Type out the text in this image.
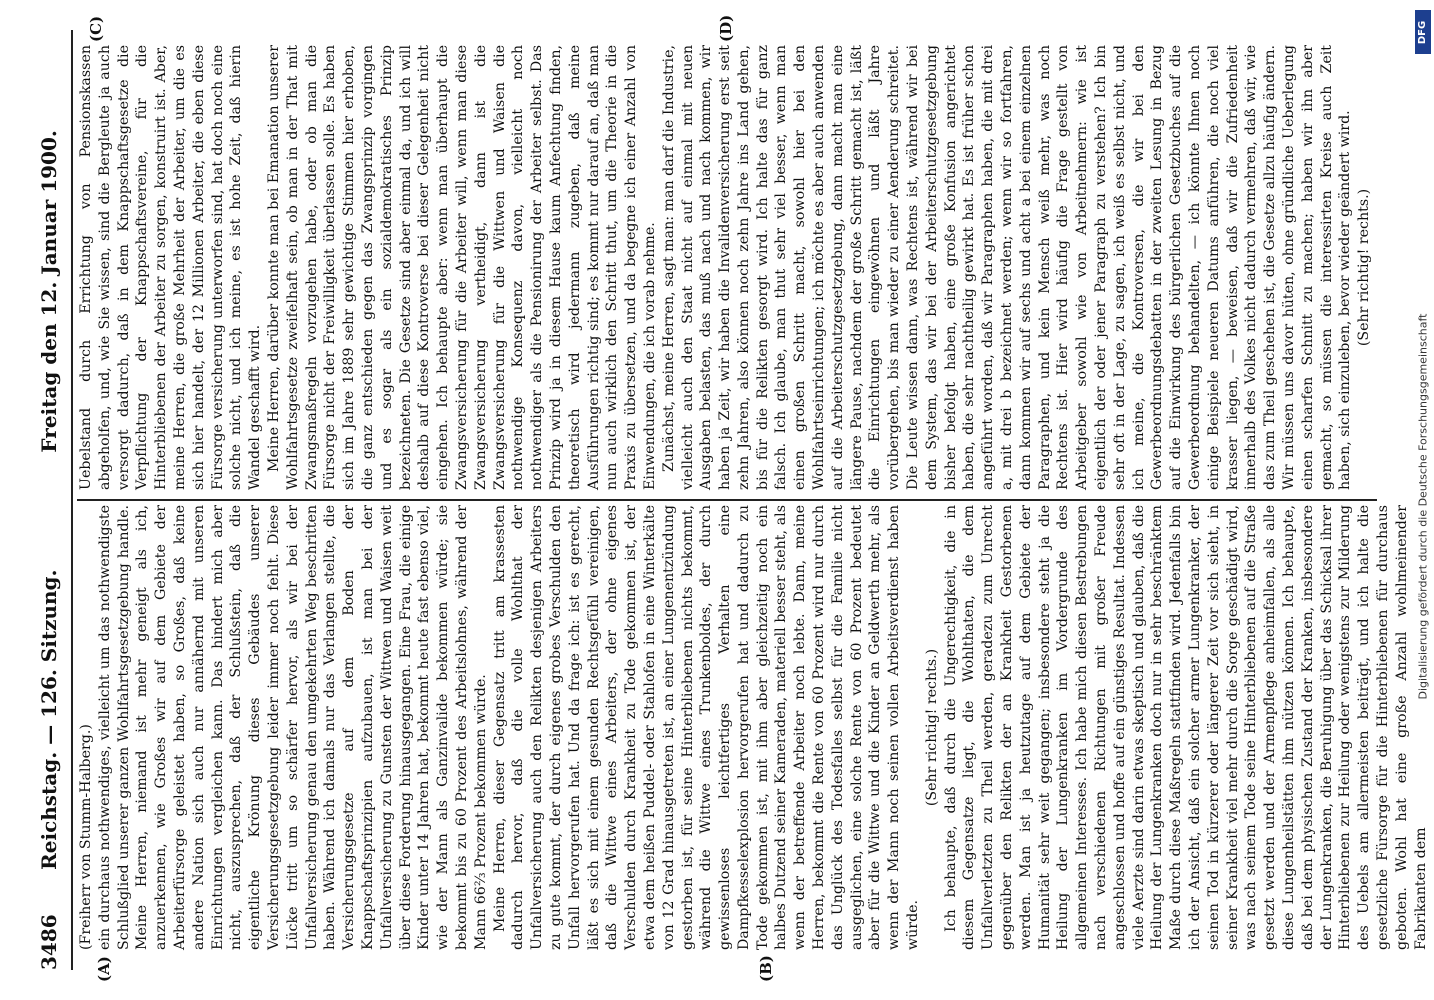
3486
Reichstag. — 126. Sitzung. Freitag den 12. Januar 1900.
(A)	(B)
(C)	(D)

(Freiherr von Stumm-Halberg.) ein durchaus nothwendiges, vielleicht um das nothwendigste Schlußglied unserer ganzen Wohlfahrtsgesetzgebung handle. Meine Herren, niemand ist mehr geneigt als ich, anzuerkennen, wie Großes wir auf dem Gebiete der Arbeiterfürsorge geleistet haben, so Großes, daß keine andere Nation sich auch nur annähernd mit unseren Einrichtungen vergleichen kann. Das hindert mich aber nicht, auszusprechen, daß der Schlußstein, daß die eigentliche Krönung dieses Gebäudes unserer Versicherungsgesetzgebung leider immer noch fehlt. Diese Lücke tritt um so schärfer hervor, als wir bei der Unfallversicherung genau den umgekehrten Weg beschritten haben. Während ich damals nur das Verlangen stellte, die Versicherungsgesetze auf dem Boden der Knappschaftsprinzipien aufzubauen, ist man bei der Unfallversicherung zu Gunsten der Wittwen und Waisen weit über diese Forderung hinausgegangen. Eine Frau, die einige Kinder unter 14 Jahren hat, bekommt heute fast ebenso viel, wie der Mann als Ganzinvalide bekommen würde; sie bekommt bis zu 60 Prozent des Arbeitslohnes, während der Mann 66⅔ Prozent bekommen würde. Meine Herren, dieser Gegensatz tritt am krassesten dadurch hervor, daß die volle Wohlthat der Unfallversicherung auch den Relikten desjenigen Arbeiters zu gute kommt, der durch eigenes grobes Verschulden den Unfall hervorgerufen hat. Und da frage ich: ist es gerecht, läßt es sich mit einem gesunden Rechtsgefühl vereinigen, daß die Wittwe eines Arbeiters, der ohne eigenes Verschulden durch Krankheit zu Tode gekommen ist, der etwa dem heißen Puddel- oder Stahlofen in eine Winterkälte von 12 Grad hinausgetreten ist, an einer Lungenentzündung gestorben ist, für seine Hinterbliebenen nichts bekommt, während die Wittwe eines Trunkenboldes, der durch gewissenloses leichtfertiges Verhalten eine Dampfkesselexplosion hervorgerufen hat und dadurch zu Tode gekommen ist, mit ihm aber gleichzeitig noch ein halbes Dutzend seiner Kameraden, materiell besser steht, als wenn der betreffende Arbeiter noch lebte. Dann, meine Herren, bekommt die Rente von 60 Prozent wird nur durch das Unglück des Todesfalles selbst für die Familie nicht ausgeglichen, eine solche Rente von 60 Prozent bedeutet aber für die Wittwe und die Kinder an Geldwerth mehr, als wenn der Mann noch seinen vollen Arbeitsverdienst haben würde.

(Sehr richtig! rechts.) Ich behaupte, daß durch die Ungerechtigkeit, die in diesem Gegensatze liegt, die Wohlthaten, die dem Unfallverletzten zu Theil werden, geradezu zum Unrecht gegenüber den Relikten der an Krankheit Gestorbenen werden. Man ist ja heutzutage auf dem Gebiete der Humanität sehr weit gegangen; insbesondere steht ja die Heilung der Lungenkranken im Vordergrunde des allgemeinen Interesses. Ich habe mich diesen Bestrebungen nach verschiedenen Richtungen mit großer Freude angeschlossen und hoffe auf ein günstiges Resultat. Indessen viele Aerzte sind darin etwas skeptisch und glauben, daß die Heilung der Lungenkranken doch nur in sehr beschränktem Maße durch diese Maßregeln stattfinden wird. Jedenfalls bin ich der Ansicht, daß ein solcher armer Lungenkranker, der seinen Tod in kürzerer oder längerer Zeit vor sich sieht, in seiner Krankheit viel mehr durch die Sorge geschädigt wird, was nach seinem Tode seine Hinterbliebenen auf die Straße gesetzt werden und der Armenpflege anheimfallen, als alle diese Lungenheilstätten ihm nützen können. Ich behaupte, daß bei dem physischen Zustand der Kranken, insbesondere der Lungenkranken, die Beruhigung über das Schicksal ihrer Hinterbliebenen zur Heilung oder wenigstens zur Milderung des Uebels am allermeisten beiträgt, und ich halte die gesetzliche Fürsorge für die Hinterbliebenen für durchaus geboten. Wohl hat eine große Anzahl wohlmeinender Fabrikanten dem

Uebelstand durch Errichtung von Pensionskassen abgeholfen, und, wie Sie wissen, sind die Bergleute ja auch versorgt dadurch, daß in dem Knappschaftsgesetze die Verpflichtung der Knappschaftsvereine, für die Hinterbliebenen der Arbeiter zu sorgen, konstruirt ist. Aber, meine Herren, die große Mehrheit der Arbeiter, um die es sich hier handelt, der 12 Millionen Arbeiter, die eben diese Fürsorge versicherung unterworfen sind, hat doch noch eine solche nicht, und ich meine, es ist hohe Zeit, daß hierin Wandel geschafft wird. Meine Herren, darüber konnte man bei Emanation unserer Wohlfahrtsgesetze zweifelhaft sein, ob man in der That mit Zwangsmaßregeln vorzugehen habe, oder ob man die Fürsorge nicht der Freiwilligkeit überlassen solle. Es haben sich im Jahre 1889 sehr gewichtige Stimmen hier erhoben, die ganz entschieden gegen das Zwangsprinzip vorgingen und es sogar als ein sozialdemokratisches Prinzip bezeichneten. Die Gesetze sind aber einmal da, und ich will deshalb auf diese Kontroverse bei dieser Gelegenheit nicht eingehen. Ich behaupte aber: wenn man überhaupt die Zwangsversicherung für die Arbeiter will, wenn man diese Zwangsversicherung vertheidigt, dann ist die Zwangsversicherung für die Wittwen und Waisen die nothwendige Konsequenz davon, vielleicht noch nothwendiger als die Pensionirung der Arbeiter selbst. Das Prinzip wird ja in diesem Hause kaum Anfechtung finden, theoretisch wird jedermann zugeben, daß meine Ausführungen richtig sind; es kommt nur darauf an, daß man nun auch wirklich den Schritt thut, um die Theorie in die Praxis zu übersetzen, und da begegne ich einer Anzahl von Einwendungen, die ich vorab nehme. Zunächst, meine Herren, sagt man: man darf die Industrie, vielleicht auch den Staat nicht auf einmal mit neuen Ausgaben belasten, das muß nach und nach kommen, wir haben ja Zeit, wir haben die Invalidenversicherung erst seit zehn Jahren, also können noch zehn Jahre ins Land gehen, bis für die Relikten gesorgt wird. Ich halte das für ganz falsch. Ich glaube, man thut sehr viel besser, wenn man einen großen Schritt macht, sowohl hier bei den Wohlfahrtseinrichtungen; ich möchte es aber auch anwenden auf die Arbeiterschutzgesetzgebung, dann macht man eine längere Pause, nachdem der große Schritt gemacht ist, läßt die Einrichtungen eingewöhnen und läßt Jahre vorübergehen, bis man wieder zu einer Aenderung schreitet. Die Leute wissen dann, was Rechtens ist, während wir bei dem System, das wir bei der Arbeiterschutzgesetzgebung bisher befolgt haben, eine große Konfusion angerichtet haben, die sehr nachtheilig gewirkt hat. Es ist früher schon angeführt worden, daß wir Paragraphen haben, die mit drei a, mit drei b bezeichnet werden; wenn wir so fortfahren, dann kommen wir auf sechs und acht a bei einem einzelnen Paragraphen, und kein Mensch weiß mehr, was noch Rechtens ist. Hier wird häufig die Frage gestellt von Arbeitgeber sowohl wie von Arbeitnehmern: wie ist eigentlich der oder jener Paragraph zu verstehen? Ich bin sehr oft in der Lage, zu sagen, ich weiß es selbst nicht, und ich meine, die Kontroversen, die wir bei den Gewerbeordnungsdebatten in der zweiten Lesung in Bezug auf die Einwirkung des bürgerlichen Gesetzbuches auf die Gewerbeordnung behandelten, — ich könnte Ihnen noch einige Beispiele neueren Datums anführen, die noch viel krasser liegen, — beweisen, daß wir die Zufriedenheit innerhalb des Volkes nicht dadurch vermehren, daß wir, wie das zum Theil geschehen ist, die Gesetze allzu häufig ändern. Wir müssen uns davor hüten, ohne gründliche Ueberlegung einen scharfen Schnitt zu machen; haben wir ihn aber gemacht, so müssen die interessirten Kreise auch Zeit haben, sich einzuleben, bevor wieder geändert wird. (Sehr richtig! rechts.)

DFG
Digitalisierung gefördert durch die Deutsche Forschungsgemeinschaft
